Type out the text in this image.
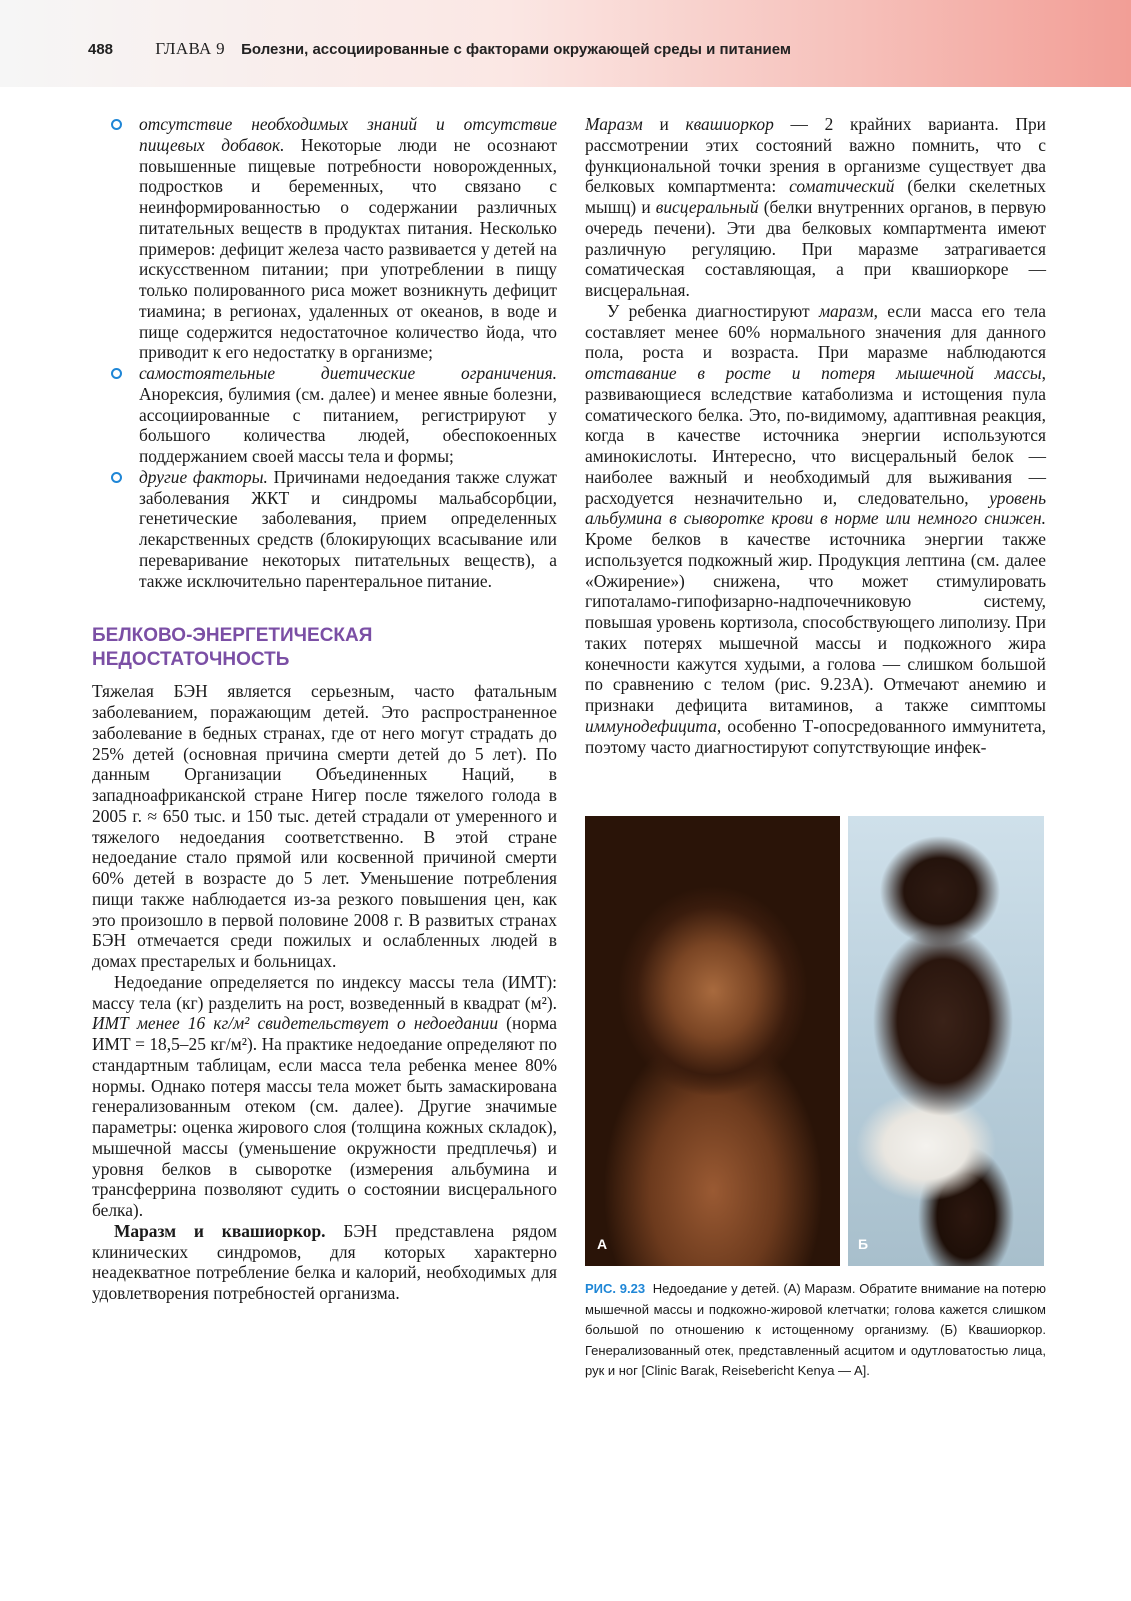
488 ГЛАВА 9 Болезни, ассоциированные с факторами окружающей среды и питанием

отсутствие необходимых знаний и отсутствие пищевых добавок. Некоторые люди не осознают повышенные пищевые потребности новорожденных, подростков и беременных, что связано с неинформированностью о содержании различных питательных веществ в продуктах питания. Несколько примеров: дефицит железа часто развивается у детей на искусственном питании; при употреблении в пищу только полированного риса может возникнуть дефицит тиамина; в регионах, удаленных от океанов, в воде и пище содержится недостаточное количество йода, что приводит к его недостатку в организме;

самостоятельные диетические ограничения. Анорексия, булимия (см. далее) и менее явные болезни, ассоциированные с питанием, регистрируют у большого количества людей, обеспокоенных поддержанием своей массы тела и формы;

другие факторы. Причинами недоедания также служат заболевания ЖКТ и синдромы мальабсорбции, генетические заболевания, прием определенных лекарственных средств (блокирующих всасывание или переваривание некоторых питательных веществ), а также исключительно парентеральное питание.

БЕЛКОВО-ЭНЕРГЕТИЧЕСКАЯ
НЕДОСТАТОЧНОСТЬ

Тяжелая БЭН является серьезным, часто фатальным заболеванием, поражающим детей. Это распространенное заболевание в бедных странах, где от него могут страдать до 25% детей (основная причина смерти детей до 5 лет). По данным Организации Объединенных Наций, в западноафриканской стране Нигер после тяжелого голода в 2005 г. ≈ 650 тыс. и 150 тыс. детей страдали от умеренного и тяжелого недоедания соответственно. В этой стране недоедание стало прямой или косвенной причиной смерти 60% детей в возрасте до 5 лет. Уменьшение потребления пищи также наблюдается из-за резкого повышения цен, как это произошло в первой половине 2008 г. В развитых странах БЭН отмечается среди пожилых и ослабленных людей в домах престарелых и больницах.

Недоедание определяется по индексу массы тела (ИМТ): массу тела (кг) разделить на рост, возведенный в квадрат (м²). ИМТ менее 16 кг/м² свидетельствует о недоедании (норма ИМТ = 18,5–25 кг/м²). На практике недоедание определяют по стандартным таблицам, если масса тела ребенка менее 80% нормы. Однако потеря массы тела может быть замаскирована генерализованным отеком (см. далее). Другие значимые параметры: оценка жирового слоя (толщина кожных складок), мышечной массы (уменьшение окружности предплечья) и уровня белков в сыворотке (измерения альбумина и трансферрина позволяют судить о состоянии висцерального белка).

Маразм и квашиоркор. БЭН представлена рядом клинических синдромов, для которых характерно неадекватное потребление белка и калорий, необходимых для удовлетворения потребностей организма.

Маразм и квашиоркор — 2 крайних варианта. При рассмотрении этих состояний важно помнить, что с функциональной точки зрения в организме существует два белковых компартмента: соматический (белки скелетных мышц) и висцеральный (белки внутренних органов, в первую очередь печени). Эти два белковых компартмента имеют различную регуляцию. При маразме затрагивается соматическая составляющая, а при квашиоркоре — висцеральная.

У ребенка диагностируют маразм, если масса его тела составляет менее 60% нормального значения для данного пола, роста и возраста. При маразме наблюдаются отставание в росте и потеря мышечной массы, развивающиеся вследствие катаболизма и истощения пула соматического белка. Это, по-видимому, адаптивная реакция, когда в качестве источника энергии используются аминокислоты. Интересно, что висцеральный белок — наиболее важный и необходимый для выживания — расходуется незначительно и, следовательно, уровень альбумина в сыворотке крови в норме или немного снижен. Кроме белков в качестве источника энергии также используется подкожный жир. Продукция лептина (см. далее «Ожирение») снижена, что может стимулировать гипоталамо-гипофизарно-надпочечниковую систему, повышая уровень кортизола, способствующего липолизу. При таких потерях мышечной массы и подкожного жира конечности кажутся худыми, а голова — слишком большой по сравнению с телом (рис. 9.23А). Отмечают анемию и признаки дефицита витаминов, а также симптомы иммунодефицита, особенно Т-опосредованного иммунитета, поэтому часто диагностируют сопутствующие инфек-

А	Б
РИС. 9.23 Недоедание у детей. (А) Маразм. Обратите внимание на потерю мышечной массы и подкожно-жировой клетчатки; голова кажется слишком большой по отношению к истощенному организму. (Б) Квашиоркор. Генерализованный отек, представленный асцитом и одутловатостью лица, рук и ног [Clinic Barak, Reisebericht Kenya — A].
